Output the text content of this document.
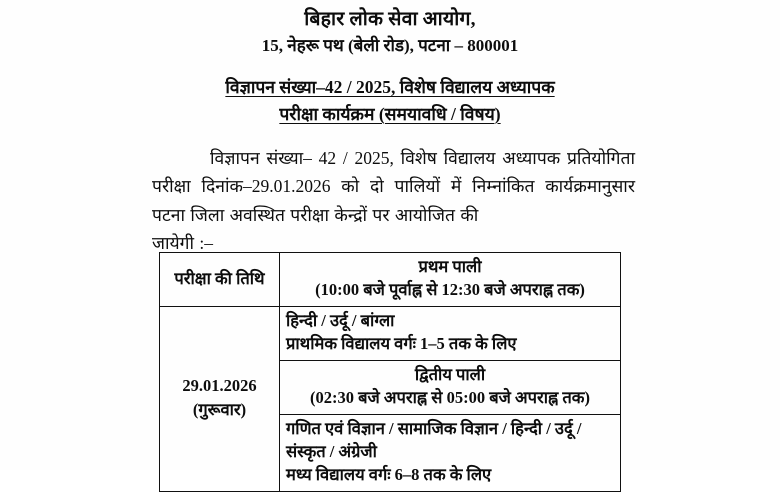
बिहार लोक सेवा आयोग,
15, नेहरू पथ (बेली रोड), पटना – 800001
विज्ञापन संख्या–42 / 2025, विशेष विद्यालय अध्यापक
परीक्षा कार्यक्रम (समयावधि / विषय)

विज्ञापन संख्या– 42 / 2025, विशेष विद्यालय अध्यापक प्रतियोगिता परीक्षा दिनांक–29.01.2026 को दो पालियों में निम्नांकित कार्यक्रमानुसार पटना जिला अवस्थित परीक्षा केन्द्रों पर आयोजित की
जायेगी :–

परीक्षा की तिथि	प्रथम पाली
(10:00 बजे पूर्वाह्न से 12:30 बजे अपराह्न तक)

29.01.2026
(गुरूवार)	हिन्दी / उर्दू / बांग्ला
प्राथमिक विद्यालय वर्गः 1–5 तक के लिए

	द्वितीय पाली
(02:30 बजे अपराह्न से 05:00 बजे अपराह्न तक)

	गणित एवं विज्ञान / सामाजिक विज्ञान / हिन्दी / उर्दू /
संस्कृत / अंग्रेजी
मध्य विद्यालय वर्गः 6–8 तक के लिए
